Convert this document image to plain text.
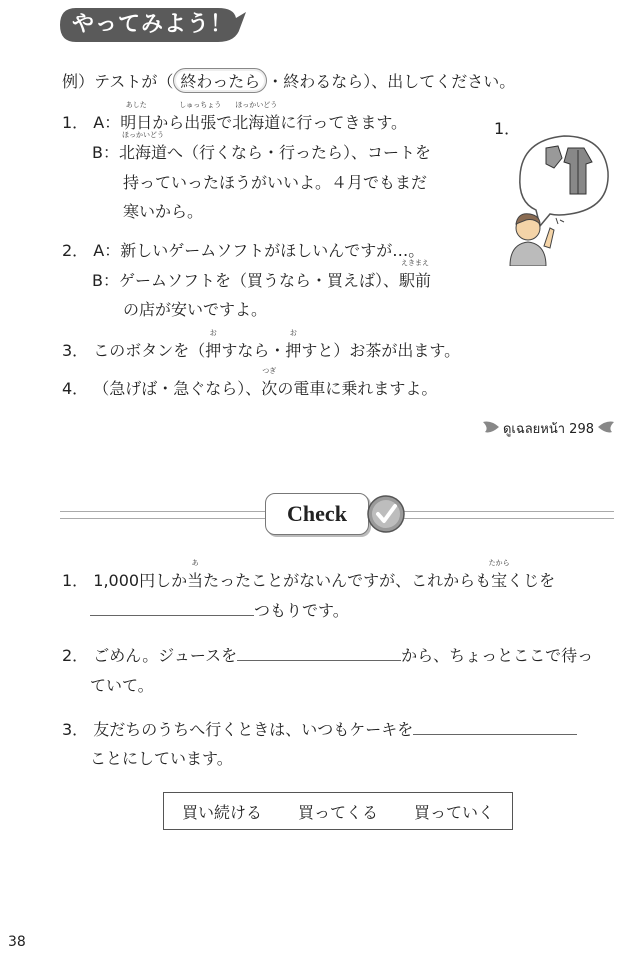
やってみよう！
例）テストが（ 終わったら ・終わるなら）、出してください。
1． A：明日
あした
から出張
しゅっちょう
で北海道
ほっかいどう
に行ってきます。
B：北海道
ほっかいどう
へ（行くなら・行ったら）、コートを
持っていったほうがいいよ。４月でもまだ
寒いから。
2． A：新しいゲームソフトがほしいんですが…。
B：ゲームソフトを（買うなら・買えば）、駅前
えきまえ
の店が安いですよ。
3． このボタンを（押
お
すなら・押
お
すと）お茶が出ます。
4． （急げば・急ぐなら）、次
つぎ
の電車に乗れますよ。
1．
ดูเฉลยหน้า 298
Check
1． 1,000円しか当
あ
たったことがないんですが、これからも宝
たから
くじを
つもりです。
2． ごめん。ジュースを	から、ちょっとここで待っ
ていて。
3． 友だちのうちへ行くときは、いつもケーキを
ことにしています。
買い続ける 買ってくる 買っていく
38
